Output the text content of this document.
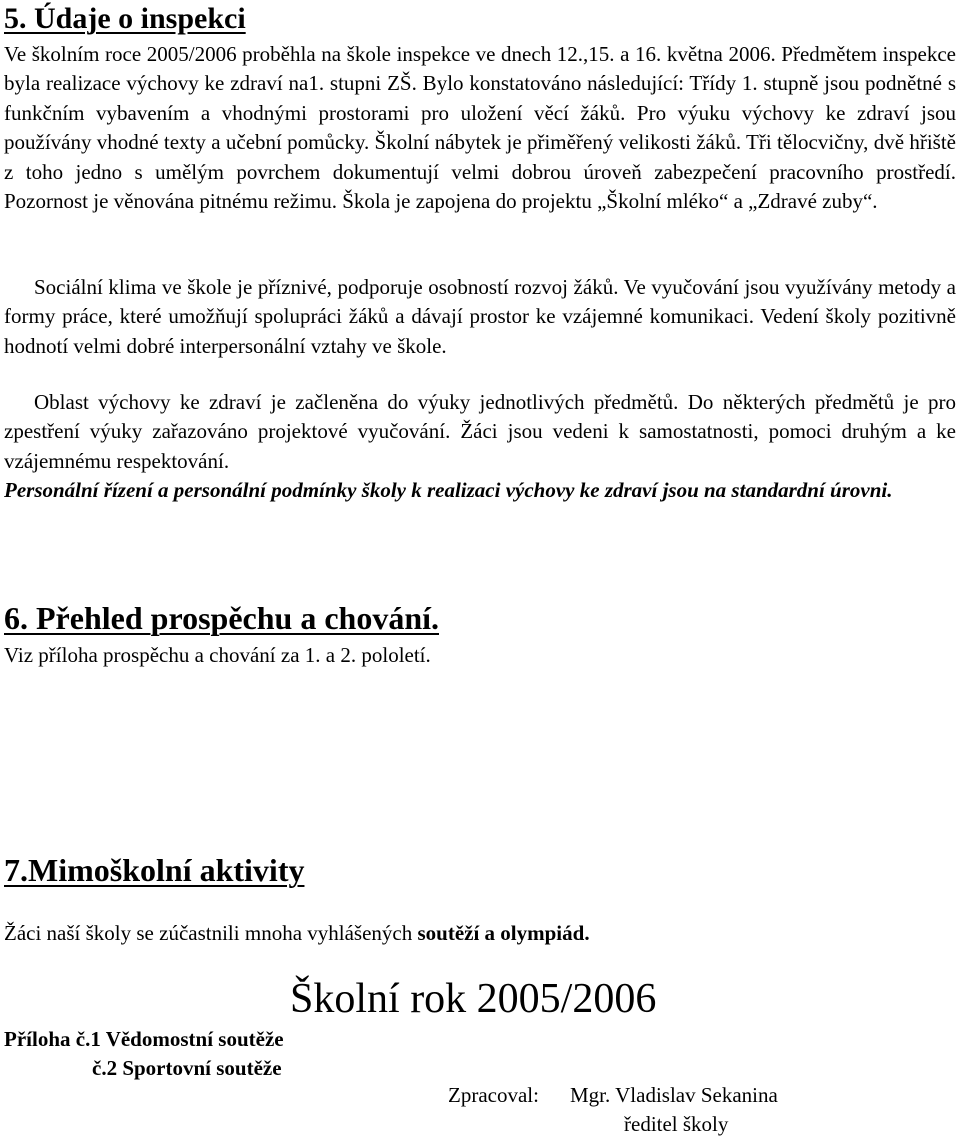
5. Údaje o inspekci
Ve školním roce 2005/2006 proběhla na škole inspekce ve dnech 12.,15. a 16. května 2006. Předmětem inspekce byla realizace výchovy ke zdraví na1. stupni ZŠ. Bylo konstatováno následující: Třídy 1. stupně jsou podnětné s funkčním vybavením a vhodnými prostorami pro uložení věcí žáků. Pro výuku výchovy ke zdraví jsou používány vhodné texty a učební pomůcky. Školní nábytek je přiměřený velikosti žáků. Tři tělocvičny, dvě hřiště z toho jedno s umělým povrchem dokumentují velmi dobrou úroveň zabezpečení pracovního prostředí. Pozornost je věnována pitnému režimu. Škola je zapojena do projektu „Školní mléko“ a „Zdravé zuby“.
Sociální klima ve škole je příznivé, podporuje osobností rozvoj žáků. Ve vyučování jsou využívány metody a formy práce, které umožňují spolupráci žáků a dávají prostor ke vzájemné komunikaci. Vedení školy pozitivně hodnotí velmi dobré interpersonální vztahy ve škole.
Oblast výchovy ke zdraví je začleněna do výuky jednotlivých předmětů. Do některých předmětů je pro zpestření výuky zařazováno projektové vyučování. Žáci jsou vedeni k samostatnosti, pomoci druhým a ke vzájemnému respektování.
Personální řízení a personální podmínky školy k realizaci výchovy ke zdraví jsou na standardní úrovni.
6. Přehled prospěchu a chování.
Viz příloha prospěchu a chování za 1. a 2. pololetí.
7.Mimoškolní aktivity
Žáci naší školy se zúčastnili mnoha vyhlášených soutěží a olympiád.
Školní rok 2005/2006
Příloha č.1 Vědomostní soutěže
č.2 Sportovní soutěže
Zpracoval: Mgr. Vladislav Sekanina
ředitel školy
